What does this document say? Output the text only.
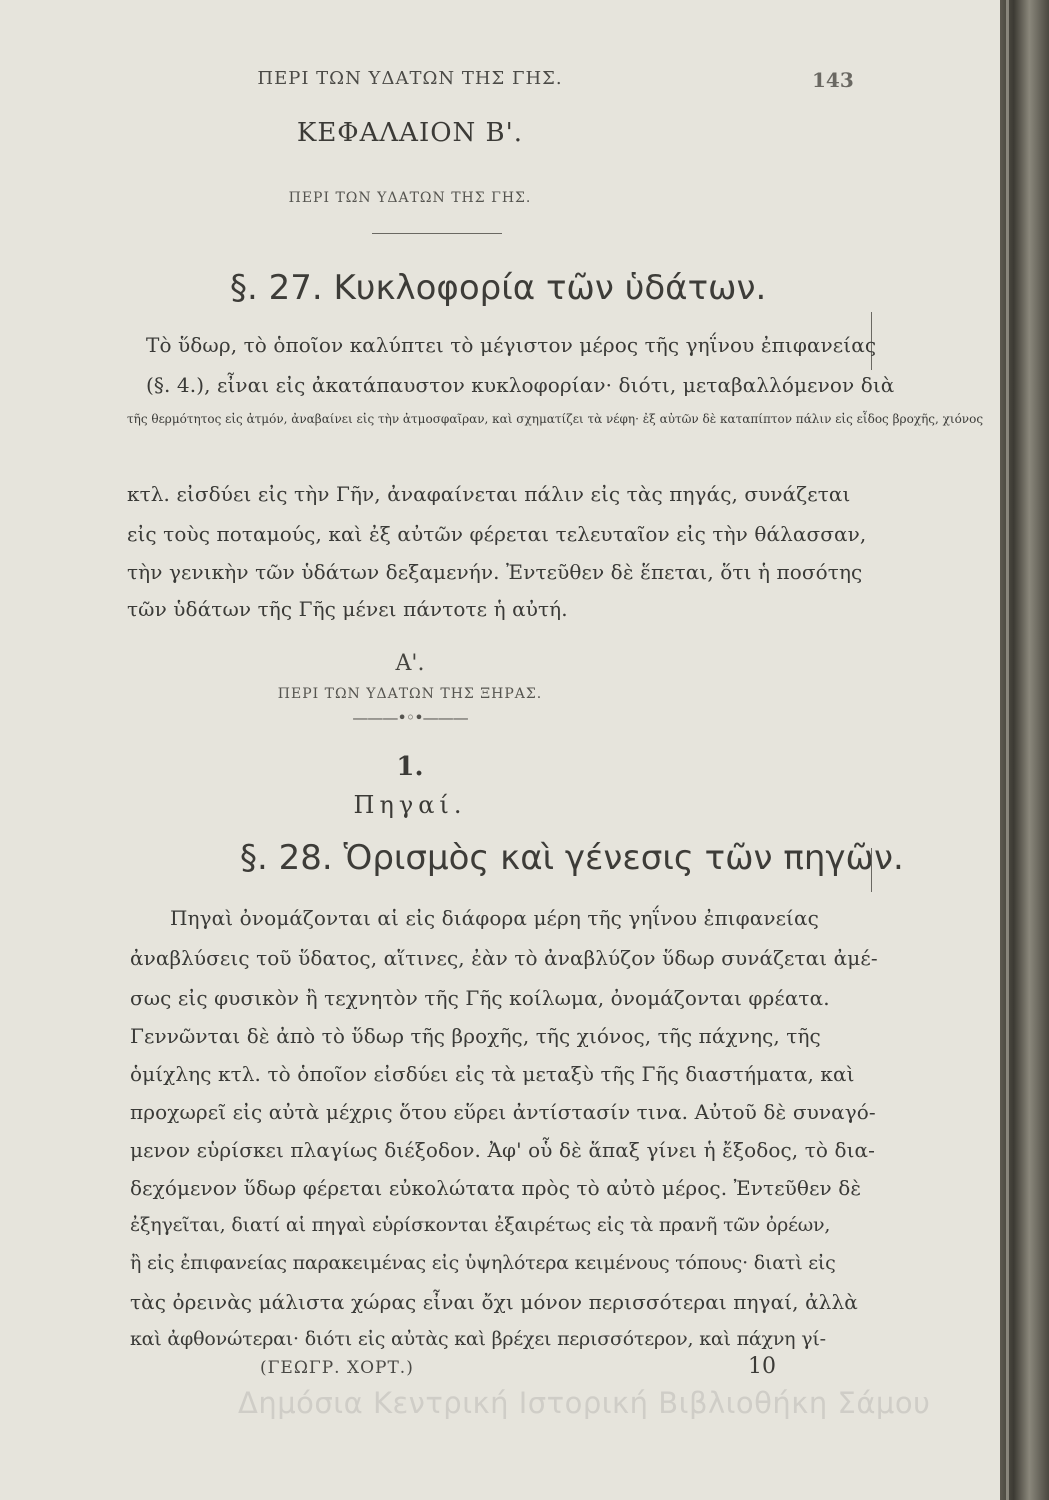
ΠΕΡΙ ΤΩΝ ΥΔΑΤΩΝ ΤΗΣ ΓΗΣ.	143
ΚΕΦΑΛΑΙΟΝ Β'.
ΠΕΡΙ ΤΩΝ ΥΔΑΤΩΝ ΤΗΣ ΓΗΣ.
§. 27. Κυκλοφορία τῶν ὑδάτων.
Τὸ ὕδωρ, τὸ ὁποῖον καλύπτει τὸ μέγιστον μέρος τῆς γηΐνου ἐπιφανείας
(§. 4.), εἶναι εἰς ἀκατάπαυστον κυκλοφορίαν· διότι, μεταβαλλόμενον διὰ
τῆς θερμότητος εἰς ἀτμόν, ἀναβαίνει εἰς τὴν ἀτμοσφαῖραν, καὶ σχηματίζει τὰ νέφη· ἐξ αὐτῶν δὲ καταπίπτον πάλιν εἰς εἶδος βροχῆς, χιόνος
κτλ. εἰσδύει εἰς τὴν Γῆν, ἀναφαίνεται πάλιν εἰς τὰς πηγάς, συνάζεται
εἰς τοὺς ποταμούς, καὶ ἐξ αὐτῶν φέρεται τελευταῖον εἰς τὴν θάλασσαν,
τὴν γενικὴν τῶν ὑδάτων δεξαμενήν. Ἐντεῦθεν δὲ ἕπεται, ὅτι ἡ ποσότης
τῶν ὑδάτων τῆς Γῆς μένει πάντοτε ἡ αὐτή.
Α'.
ΠΕΡΙ ΤΩΝ ΥΔΑΤΩΝ ΤΗΣ ΞΗΡΑΣ.
———•◦•———
1.
Πηγαί.
§. 28. Ὁρισμὸς καὶ γένεσις τῶν πηγῶν.
Πηγαὶ ὀνομάζονται αἱ εἰς διάφορα μέρη τῆς γηΐνου ἐπιφανείας
ἀναβλύσεις τοῦ ὕδατος, αἵτινες, ἐὰν τὸ ἀναβλύζον ὕδωρ συνάζεται ἀμέ-
σως εἰς φυσικὸν ἢ τεχνητὸν τῆς Γῆς κοίλωμα, ὀνομάζονται φρέατα.
Γεννῶνται δὲ ἀπὸ τὸ ὕδωρ τῆς βροχῆς, τῆς χιόνος, τῆς πάχνης, τῆς
ὁμίχλης κτλ. τὸ ὁποῖον εἰσδύει εἰς τὰ μεταξὺ τῆς Γῆς διαστήματα, καὶ
προχωρεῖ εἰς αὐτὰ μέχρις ὅτου εὕρει ἀντίστασίν τινα. Αὐτοῦ δὲ συναγό-
μενον εὑρίσκει πλαγίως διέξοδον. Ἀφ' οὗ δὲ ἅπαξ γίνει ἡ ἔξοδος, τὸ δια-
δεχόμενον ὕδωρ φέρεται εὐκολώτατα πρὸς τὸ αὐτὸ μέρος. Ἐντεῦθεν δὲ
ἐξηγεῖται, διατί αἱ πηγαὶ εὑρίσκονται ἐξαιρέτως εἰς τὰ πρανῆ τῶν ὀρέων,
ἢ εἰς ἐπιφανείας παρακειμένας εἰς ὑψηλότερα κειμένους τόπους· διατὶ εἰς
τὰς ὀρεινὰς μάλιστα χώρας εἶναι ὄχι μόνον περισσότεραι πηγαί, ἀλλὰ
καὶ ἀφθονώτεραι· διότι εἰς αὐτὰς καὶ βρέχει περισσότερον, καὶ πάχνη γί-
(ΓΕΩΓΡ. ΧΟΡΤ.)	10
Δημόσια Κεντρική Ιστορική Βιβλιοθήκη Σάμου
